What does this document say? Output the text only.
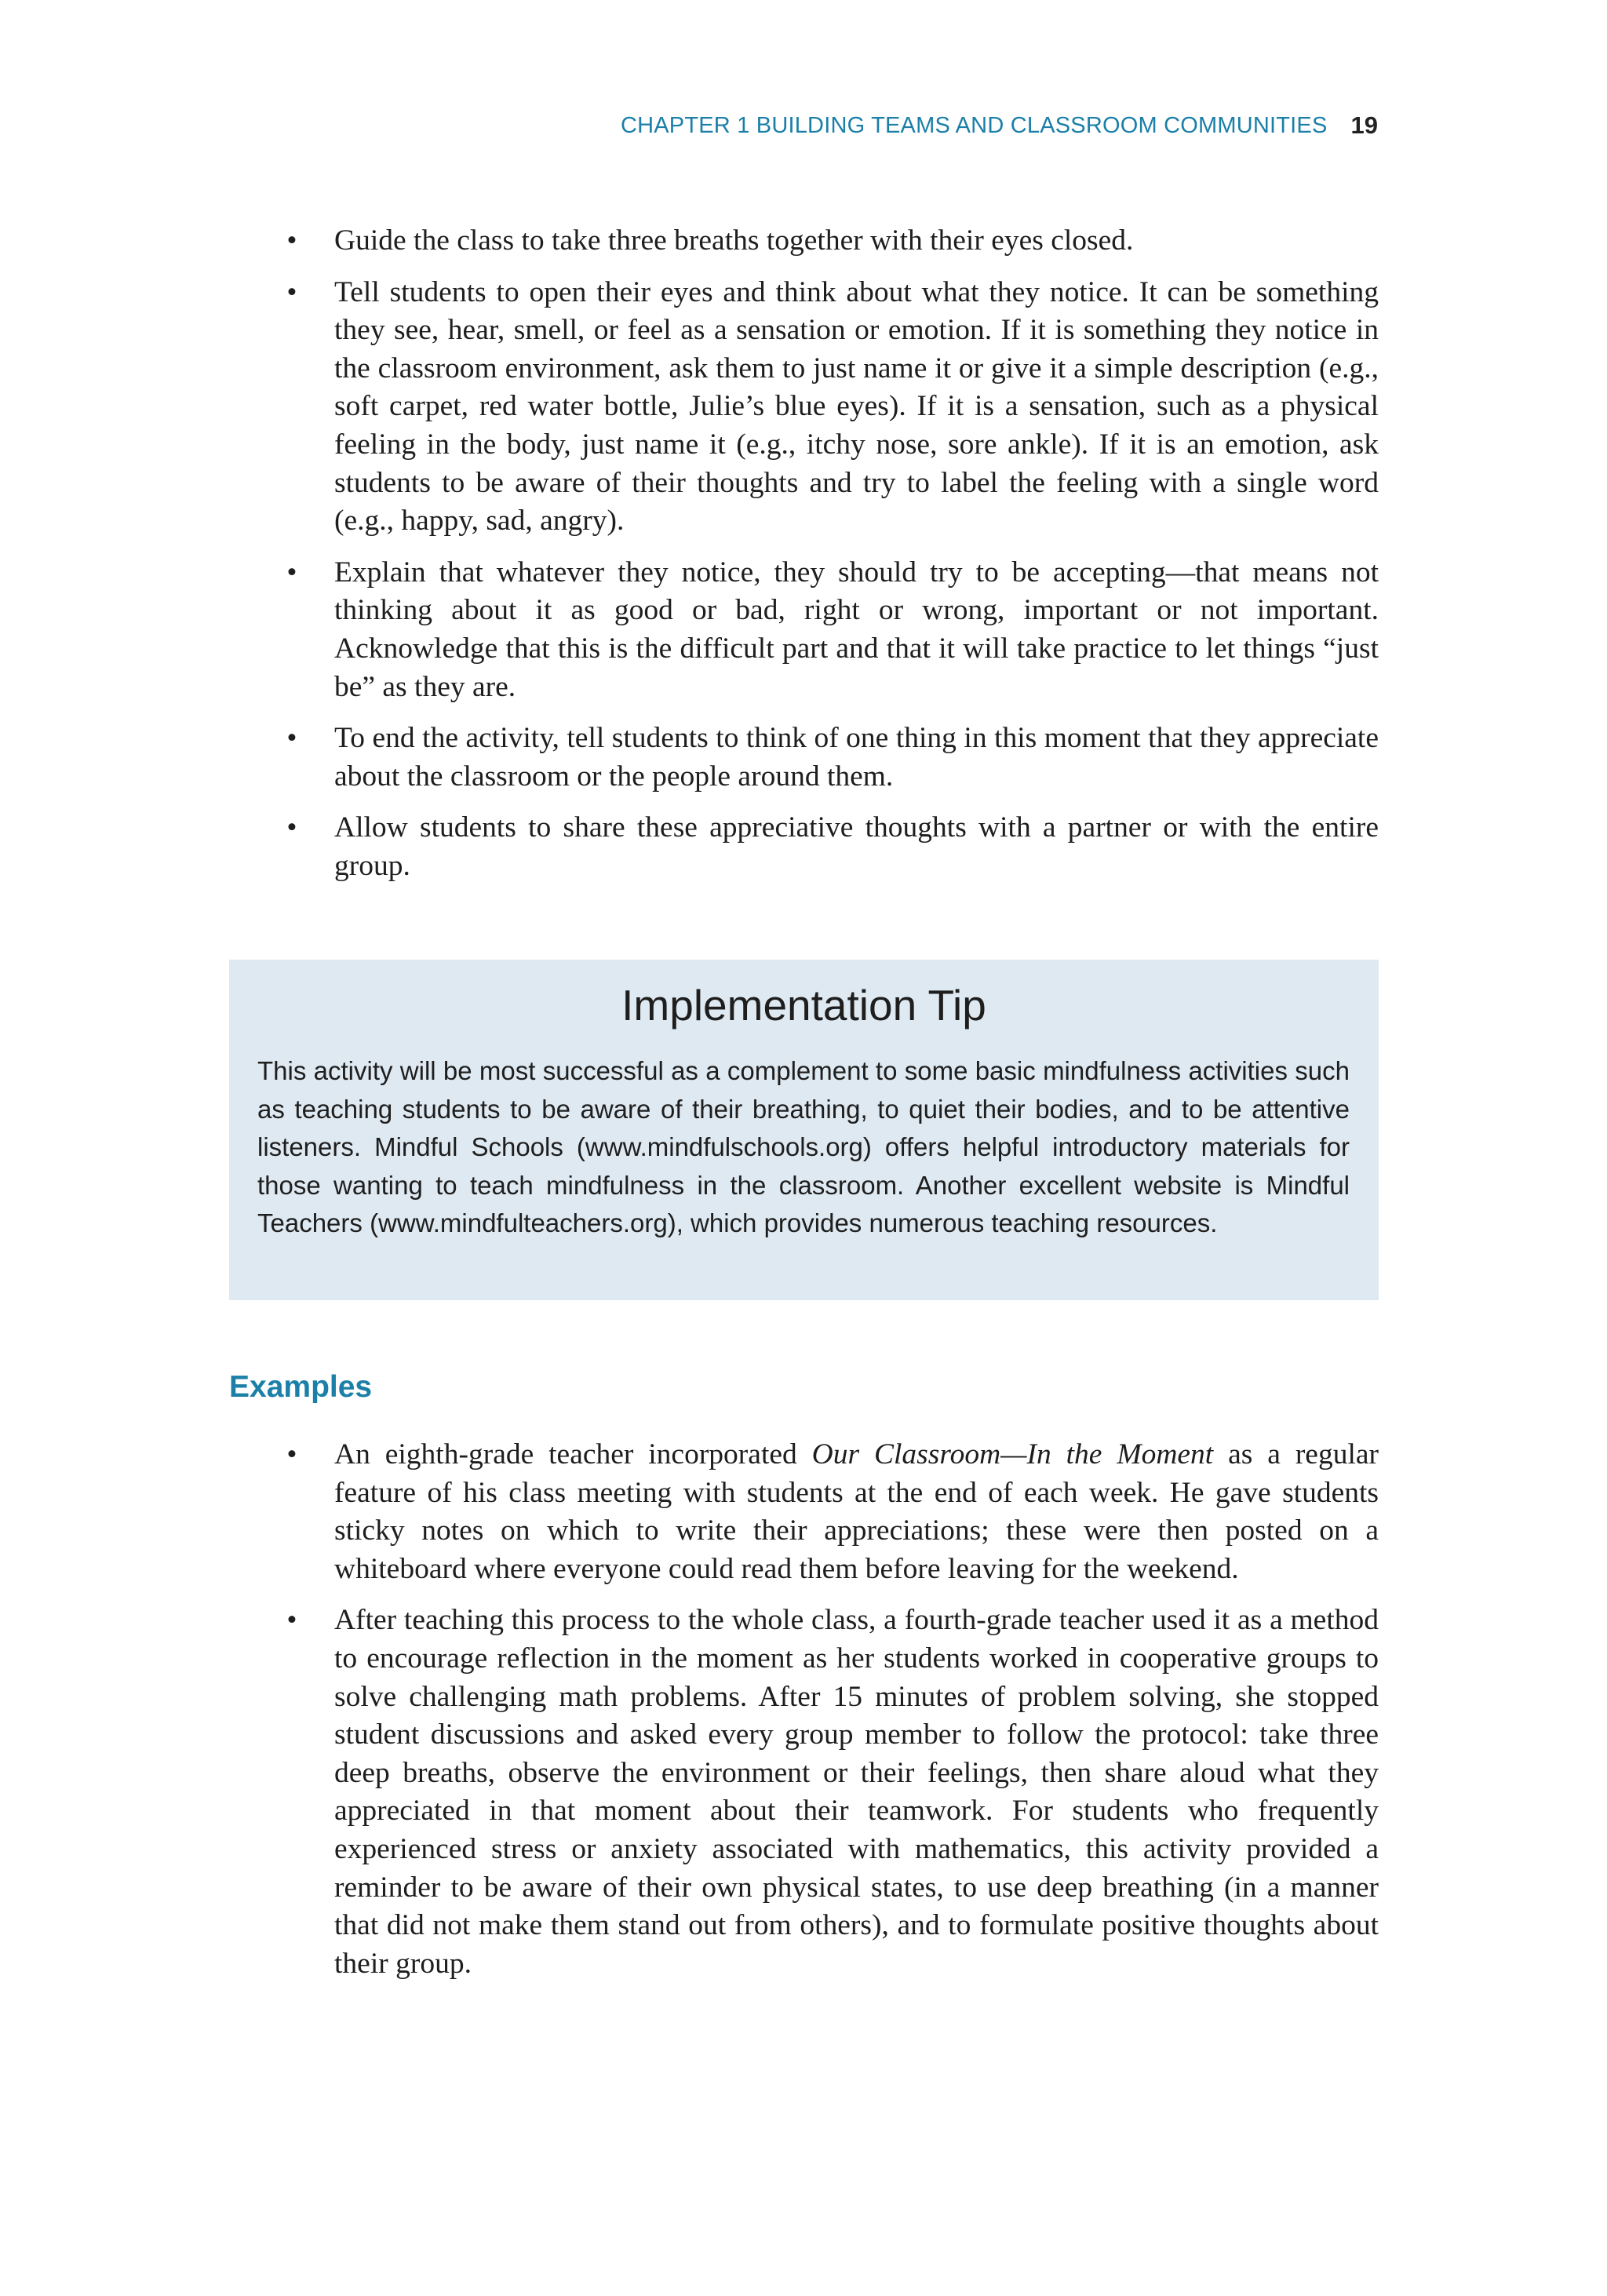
CHAPTER 1 BUILDING TEAMS AND CLASSROOM COMMUNITIES 19
• Guide the class to take three breaths together with their eyes closed.
• Tell students to open their eyes and think about what they notice. It can be something they see, hear, smell, or feel as a sensation or emotion. If it is something they notice in the classroom environment, ask them to just name it or give it a simple description (e.g., soft carpet, red water bottle, Julie’s blue eyes). If it is a sensation, such as a physical feeling in the body, just name it (e.g., itchy nose, sore ankle). If it is an emotion, ask students to be aware of their thoughts and try to label the feeling with a single word (e.g., happy, sad, angry).
• Explain that whatever they notice, they should try to be accepting—that means not thinking about it as good or bad, right or wrong, important or not important. Acknowledge that this is the difficult part and that it will take practice to let things “just be” as they are.
• To end the activity, tell students to think of one thing in this moment that they appreciate about the classroom or the people around them.
• Allow students to share these appreciative thoughts with a partner or with the entire group.
Implementation Tip

This activity will be most successful as a complement to some basic mindfulness activities such as teaching students to be aware of their breathing, to quiet their bodies, and to be attentive listeners. Mindful Schools (www.mindfulschools.org) offers helpful introductory materials for those wanting to teach mindfulness in the classroom. Another excellent website is Mindful Teachers (www.mindfulteachers.org), which provides numerous teaching resources.

Examples
• An eighth-grade teacher incorporated Our Classroom—In the Moment as a regular feature of his class meeting with students at the end of each week. He gave students sticky notes on which to write their appreciations; these were then posted on a whiteboard where everyone could read them before leaving for the weekend.
• After teaching this process to the whole class, a fourth-grade teacher used it as a method to encourage reflection in the moment as her students worked in cooperative groups to solve challenging math problems. After 15 minutes of problem solving, she stopped student discussions and asked every group member to follow the protocol: take three deep breaths, observe the environment or their feelings, then share aloud what they appreciated in that moment about their teamwork. For students who frequently experienced stress or anxiety associated with mathematics, this activity provided a reminder to be aware of their own physical states, to use deep breathing (in a manner that did not make them stand out from others), and to formulate positive thoughts about their group.
